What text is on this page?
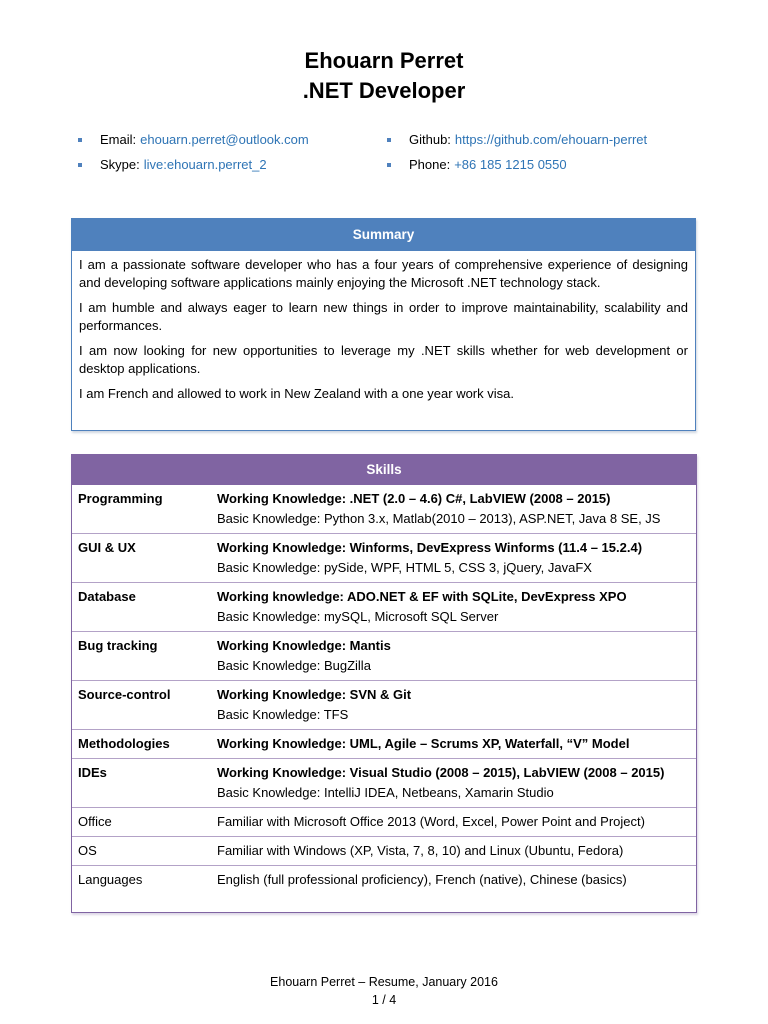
Ehouarn Perret
.NET Developer
Email: ehouarn.perret@outlook.com
Skype: live:ehouarn.perret_2
Github: https://github.com/ehouarn-perret
Phone: +86 185 1215 0550
Summary

I am a passionate software developer who has a four years of comprehensive experience of designing and developing software applications mainly enjoying the Microsoft .NET technology stack.

I am humble and always eager to learn new things in order to improve maintainability, scalability and performances.

I am now looking for new opportunities to leverage my .NET skills whether for web development or desktop applications.

I am French and allowed to work in New Zealand with a one year work visa.

Skills
Programming	Working Knowledge: .NET (2.0 – 4.6) C#, LabVIEW (2008 – 2015)
Basic Knowledge: Python 3.x, Matlab(2010 – 2013), ASP.NET, Java 8 SE, JS

GUI & UX	Working Knowledge: Winforms, DevExpress Winforms (11.4 – 15.2.4)
Basic Knowledge: pySide, WPF, HTML 5, CSS 3, jQuery, JavaFX

Database	Working knowledge: ADO.NET & EF with SQLite, DevExpress XPO
Basic Knowledge: mySQL, Microsoft SQL Server

Bug tracking	Working Knowledge: Mantis
Basic Knowledge: BugZilla

Source-control	Working Knowledge: SVN & Git
Basic Knowledge: TFS

Methodologies	Working Knowledge: UML, Agile – Scrums XP, Waterfall, “V” Model

IDEs	Working Knowledge: Visual Studio (2008 – 2015), LabVIEW (2008 – 2015)
Basic Knowledge: IntelliJ IDEA, Netbeans, Xamarin Studio

Office	Familiar with Microsoft Office 2013 (Word, Excel, Power Point and Project)
OS	Familiar with Windows (XP, Vista, 7, 8, 10) and Linux (Ubuntu, Fedora)
Languages	English (full professional proficiency), French (native), Chinese (basics)
Ehouarn Perret – Resume, January 2016
1 / 4
